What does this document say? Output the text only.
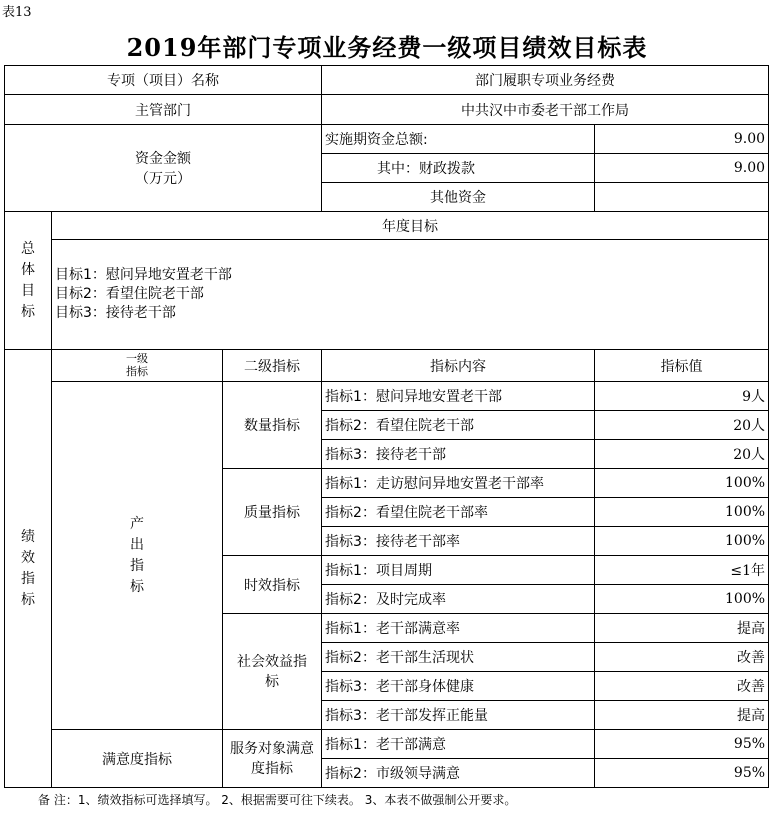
表13
2019年部门专项业务经费一级项目绩效目标表
专项（项目）名称			部门履职专项业务经费	
主管部门			中共汉中市委老干部工作局	

资金金额
（万元）			实施期资金总额:	9.00
			其中：财政拨款	9.00
			其他资金	
总体目标	年度目标			

	目标1：慰问异地安置老干部
目标2：看望住院老干部
目标3：接待老干部			

绩效指标	一级指标	二级指标	指标内容	指标值
	产出指标	数量指标	指标1：慰问异地安置老干部	9人
			指标2：看望住院老干部	20人
			指标3：接待老干部	20人
		质量指标	指标1：走访慰问异地安置老干部率	100%
			指标2：看望住院老干部率	100%
			指标3：接待老干部率	100%
		时效指标	指标1：项目周期	≤1年
			指标2：及时完成率	100%
		社会效益指标	指标1：老干部满意率	提高
			指标2：老干部生活现状	改善
			指标3：老干部身体健康	改善
			指标3：老干部发挥正能量	提高
	满意度指标	服务对象满意度指标	指标1：老干部满意	95%
			指标2：市级领导满意	95%
备 注：1、绩效指标可选择填写。 2、根据需要可往下续表。 3、本表不做强制公开要求。
